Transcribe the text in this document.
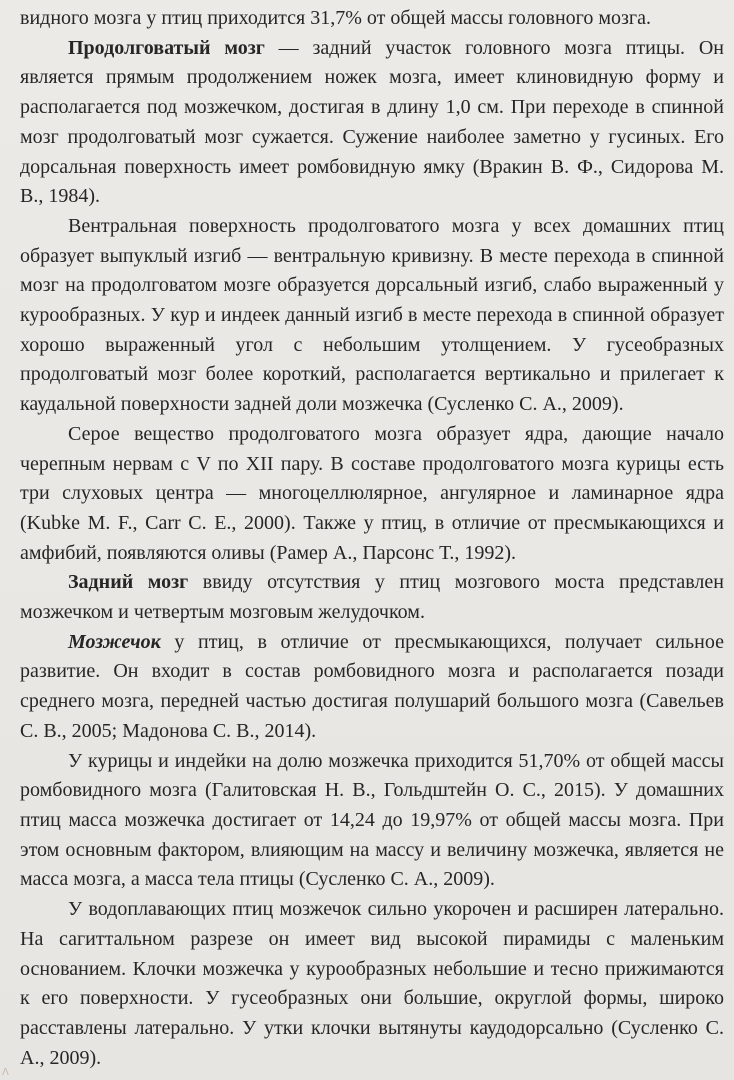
видного мозга у птиц приходится 31,7% от общей массы головного мозга.

Продолговатый мозг — задний участок головного мозга птицы. Он является прямым продолжением ножек мозга, имеет клиновидную форму и располагается под мозжечком, достигая в длину 1,0 см. При переходе в спинной мозг продолговатый мозг сужается. Сужение наиболее заметно у гусиных. Его дорсальная поверхность имеет ромбовидную ямку (Вракин В. Ф., Сидорова М. В., 1984).

Вентральная поверхность продолговатого мозга у всех домашних птиц образует выпуклый изгиб — вентральную кривизну. В месте перехода в спинной мозг на продолговатом мозге образуется дорсальный изгиб, слабо выраженный у курообразных. У кур и индеек данный изгиб в месте перехода в спинной образует хорошо выраженный угол с небольшим утолщением. У гусеобразных продолговатый мозг более короткий, располагается вертикально и прилегает к каудальной поверхности задней доли мозжечка (Сусленко С. А., 2009).

Серое вещество продолговатого мозга образует ядра, дающие начало черепным нервам с V по XII пару. В составе продолговатого мозга курицы есть три слуховых центра — многоцеллюлярное, ангулярное и ламинарное ядра (Kubke M. F., Carr C. E., 2000). Также у птиц, в отличие от пресмыкающихся и амфибий, появляются оливы (Рамер А., Парсонс Т., 1992).

Задний мозг ввиду отсутствия у птиц мозгового моста представлен мозжечком и четвертым мозговым желудочком.

Мозжечок у птиц, в отличие от пресмыкающихся, получает сильное развитие. Он входит в состав ромбовидного мозга и располагается позади среднего мозга, передней частью достигая полушарий большого мозга (Савельев С. В., 2005; Мадонова С. В., 2014).

У курицы и индейки на долю мозжечка приходится 51,70% от общей массы ромбовидного мозга (Галитовская Н. В., Гольдштейн О. С., 2015). У домашних птиц масса мозжечка достигает от 14,24 до 19,97% от общей массы мозга. При этом основным фактором, влияющим на массу и величину мозжечка, является не масса мозга, а масса тела птицы (Сусленко С. А., 2009).

У водоплавающих птиц мозжечок сильно укорочен и расширен латерально. На сагиттальном разрезе он имеет вид высокой пирамиды с маленьким основанием. Клочки мозжечка у курообразных небольшие и тесно прижимаются к его поверхности. У гусеобразных они большие, округлой формы, широко расставлены латерально. У утки клочки вытянуты каудодорсально (Сусленко С. А., 2009).

Λ
